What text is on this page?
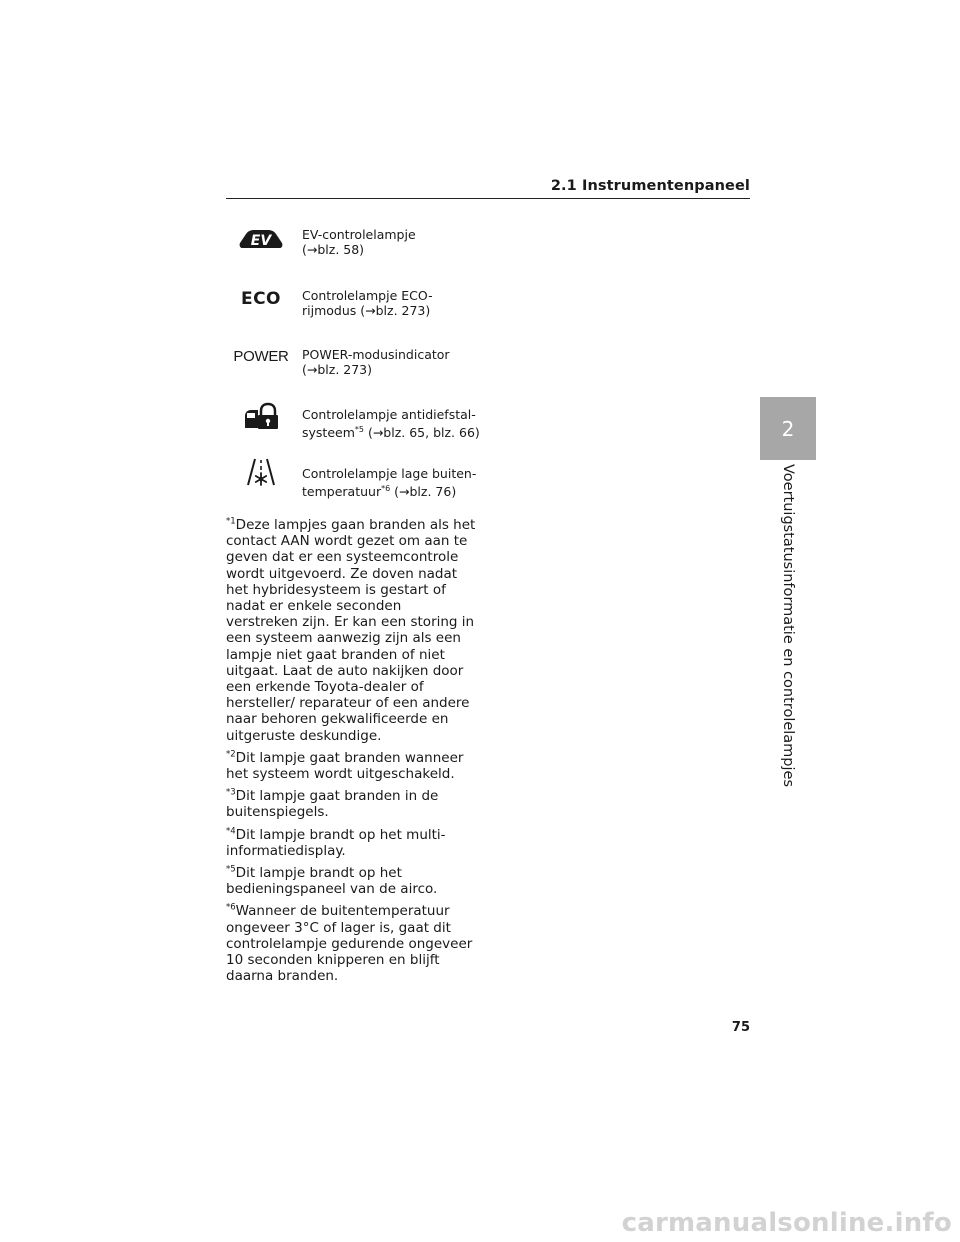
2.1 Instrumentenpaneel
2
Voertuigstatusinformatie en controlelampjes
EV EV-controlelampje
(→blz. 58)
ECO Controlelampje ECO-
rijmodus (→blz. 273)
POWER POWER-modusindicator
(→blz. 273)
Controlelampje antidiefstal-
systeem$^{*5}$ (→blz. 65, blz. 66)
Controlelampje lage buiten-
temperatuur$^{*6}$ (→blz. 76)

$^{*1}$Deze lampjes gaan branden als het contact AAN wordt gezet om aan te geven dat er een systeemcontrole wordt uitgevoerd. Ze doven nadat het hybridesysteem is gestart of nadat er enkele seconden verstreken zijn. Er kan een storing in een systeem aanwezig zijn als een lampje niet gaat branden of niet uitgaat. Laat de auto nakijken door een erkende Toyota-dealer of hersteller/ reparateur of een andere naar behoren gekwalificeerde en uitgeruste deskundige.

$^{*2}$Dit lampje gaat branden wanneer het systeem wordt uitgeschakeld.

$^{*3}$Dit lampje gaat branden in de buitenspiegels.

$^{*4}$Dit lampje brandt op het multi-informatiedisplay.

$^{*5}$Dit lampje brandt op het bedieningspaneel van de airco.

$^{*6}$Wanneer de buitentemperatuur ongeveer 3°C of lager is, gaat dit controlelampje gedurende ongeveer 10 seconden knipperen en blijft daarna branden.

75
carmanualsonline.info
